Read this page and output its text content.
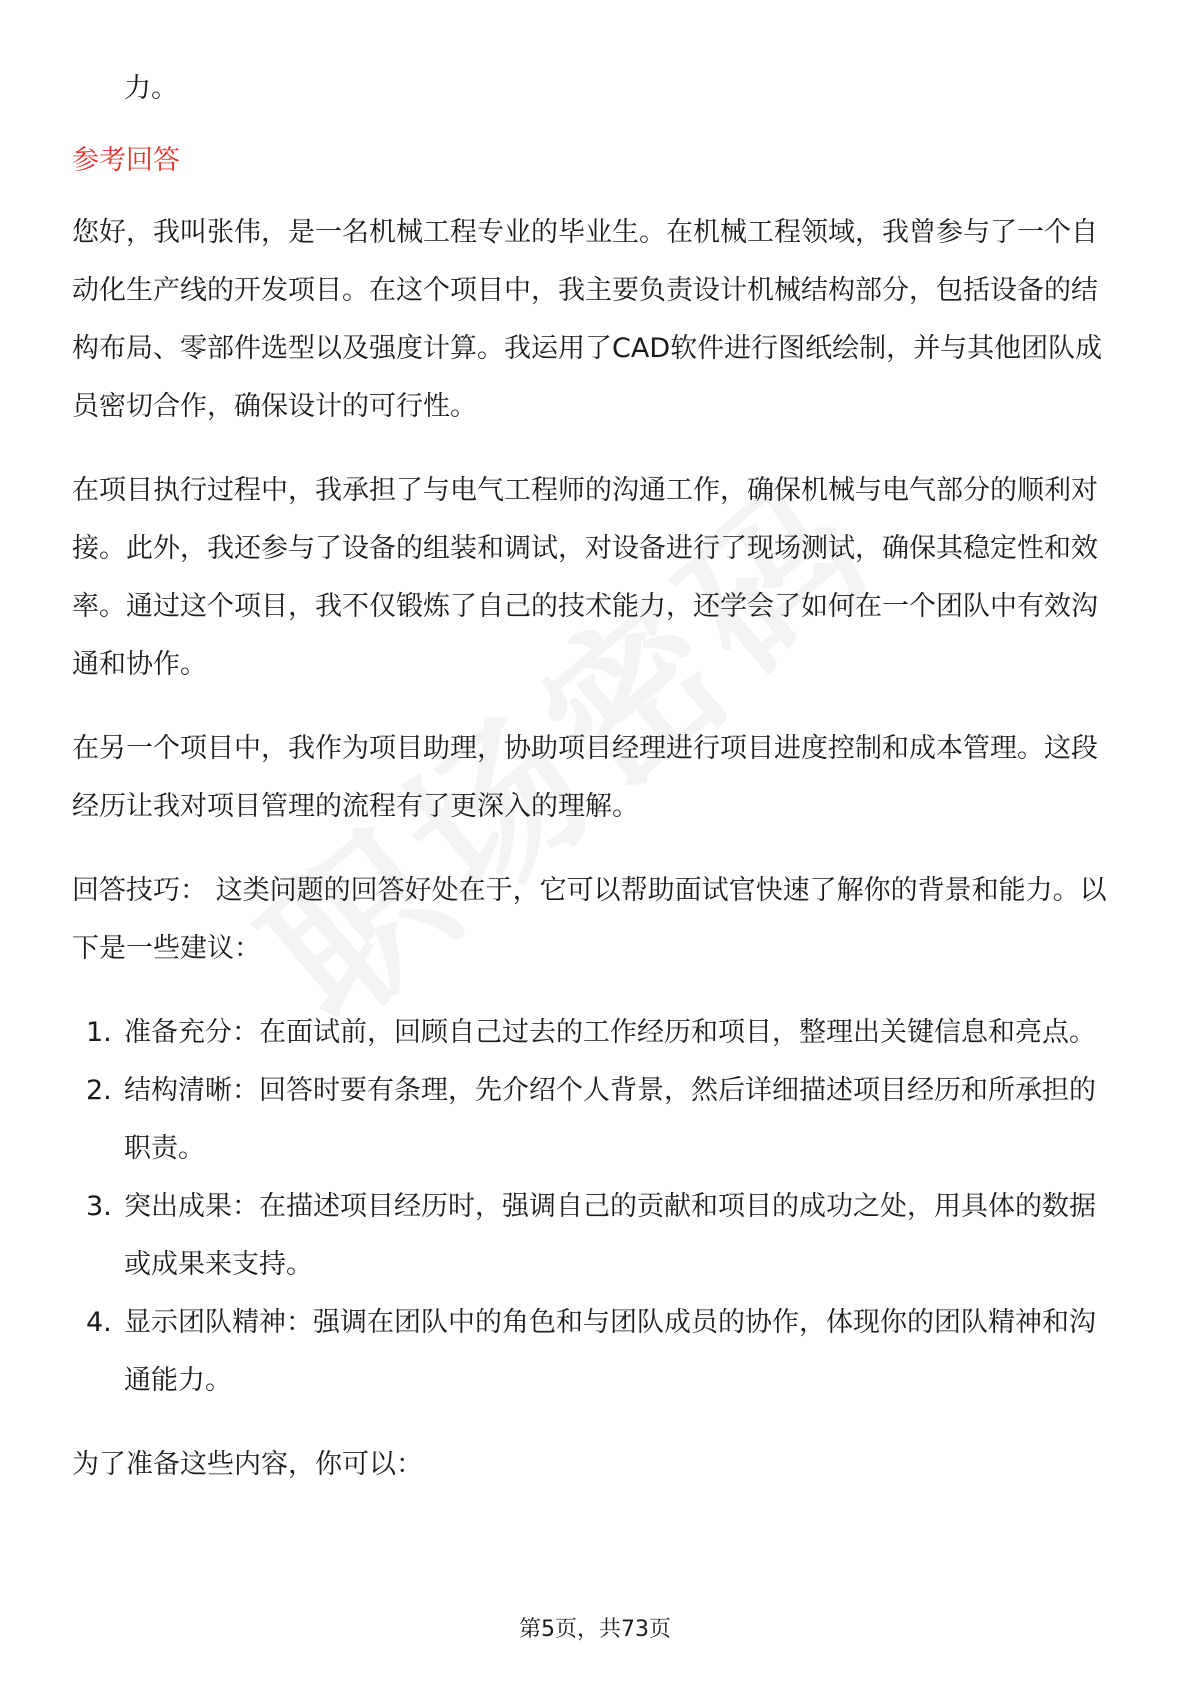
力。

参考回答

您好，我叫张伟，是一名机械工程专业的毕业生。在机械工程领域，我曾参与了一个自动化生产线的开发项目。在这个项目中，我主要负责设计机械结构部分，包括设备的结构布局、零部件选型以及强度计算。我运用了CAD软件进行图纸绘制，并与其他团队成员密切合作，确保设计的可行性。

在项目执行过程中，我承担了与电气工程师的沟通工作，确保机械与电气部分的顺利对接。此外，我还参与了设备的组装和调试，对设备进行了现场测试，确保其稳定性和效率。通过这个项目，我不仅锻炼了自己的技术能力，还学会了如何在一个团队中有效沟通和协作。

在另一个项目中，我作为项目助理，协助项目经理进行项目进度控制和成本管理。这段经历让我对项目管理的流程有了更深入的理解。

回答技巧： 这类问题的回答好处在于，它可以帮助面试官快速了解你的背景和能力。以下是一些建议：

1. 准备充分：在面试前，回顾自己过去的工作经历和项目，整理出关键信息和亮点。
2. 结构清晰：回答时要有条理，先介绍个人背景，然后详细描述项目经历和所承担的职责。
3. 突出成果：在描述项目经历时，强调自己的贡献和项目的成功之处，用具体的数据或成果来支持。
4. 显示团队精神：强调在团队中的角色和与团队成员的协作，体现你的团队精神和沟通能力。

为了准备这些内容，你可以：

第5页，共73页
